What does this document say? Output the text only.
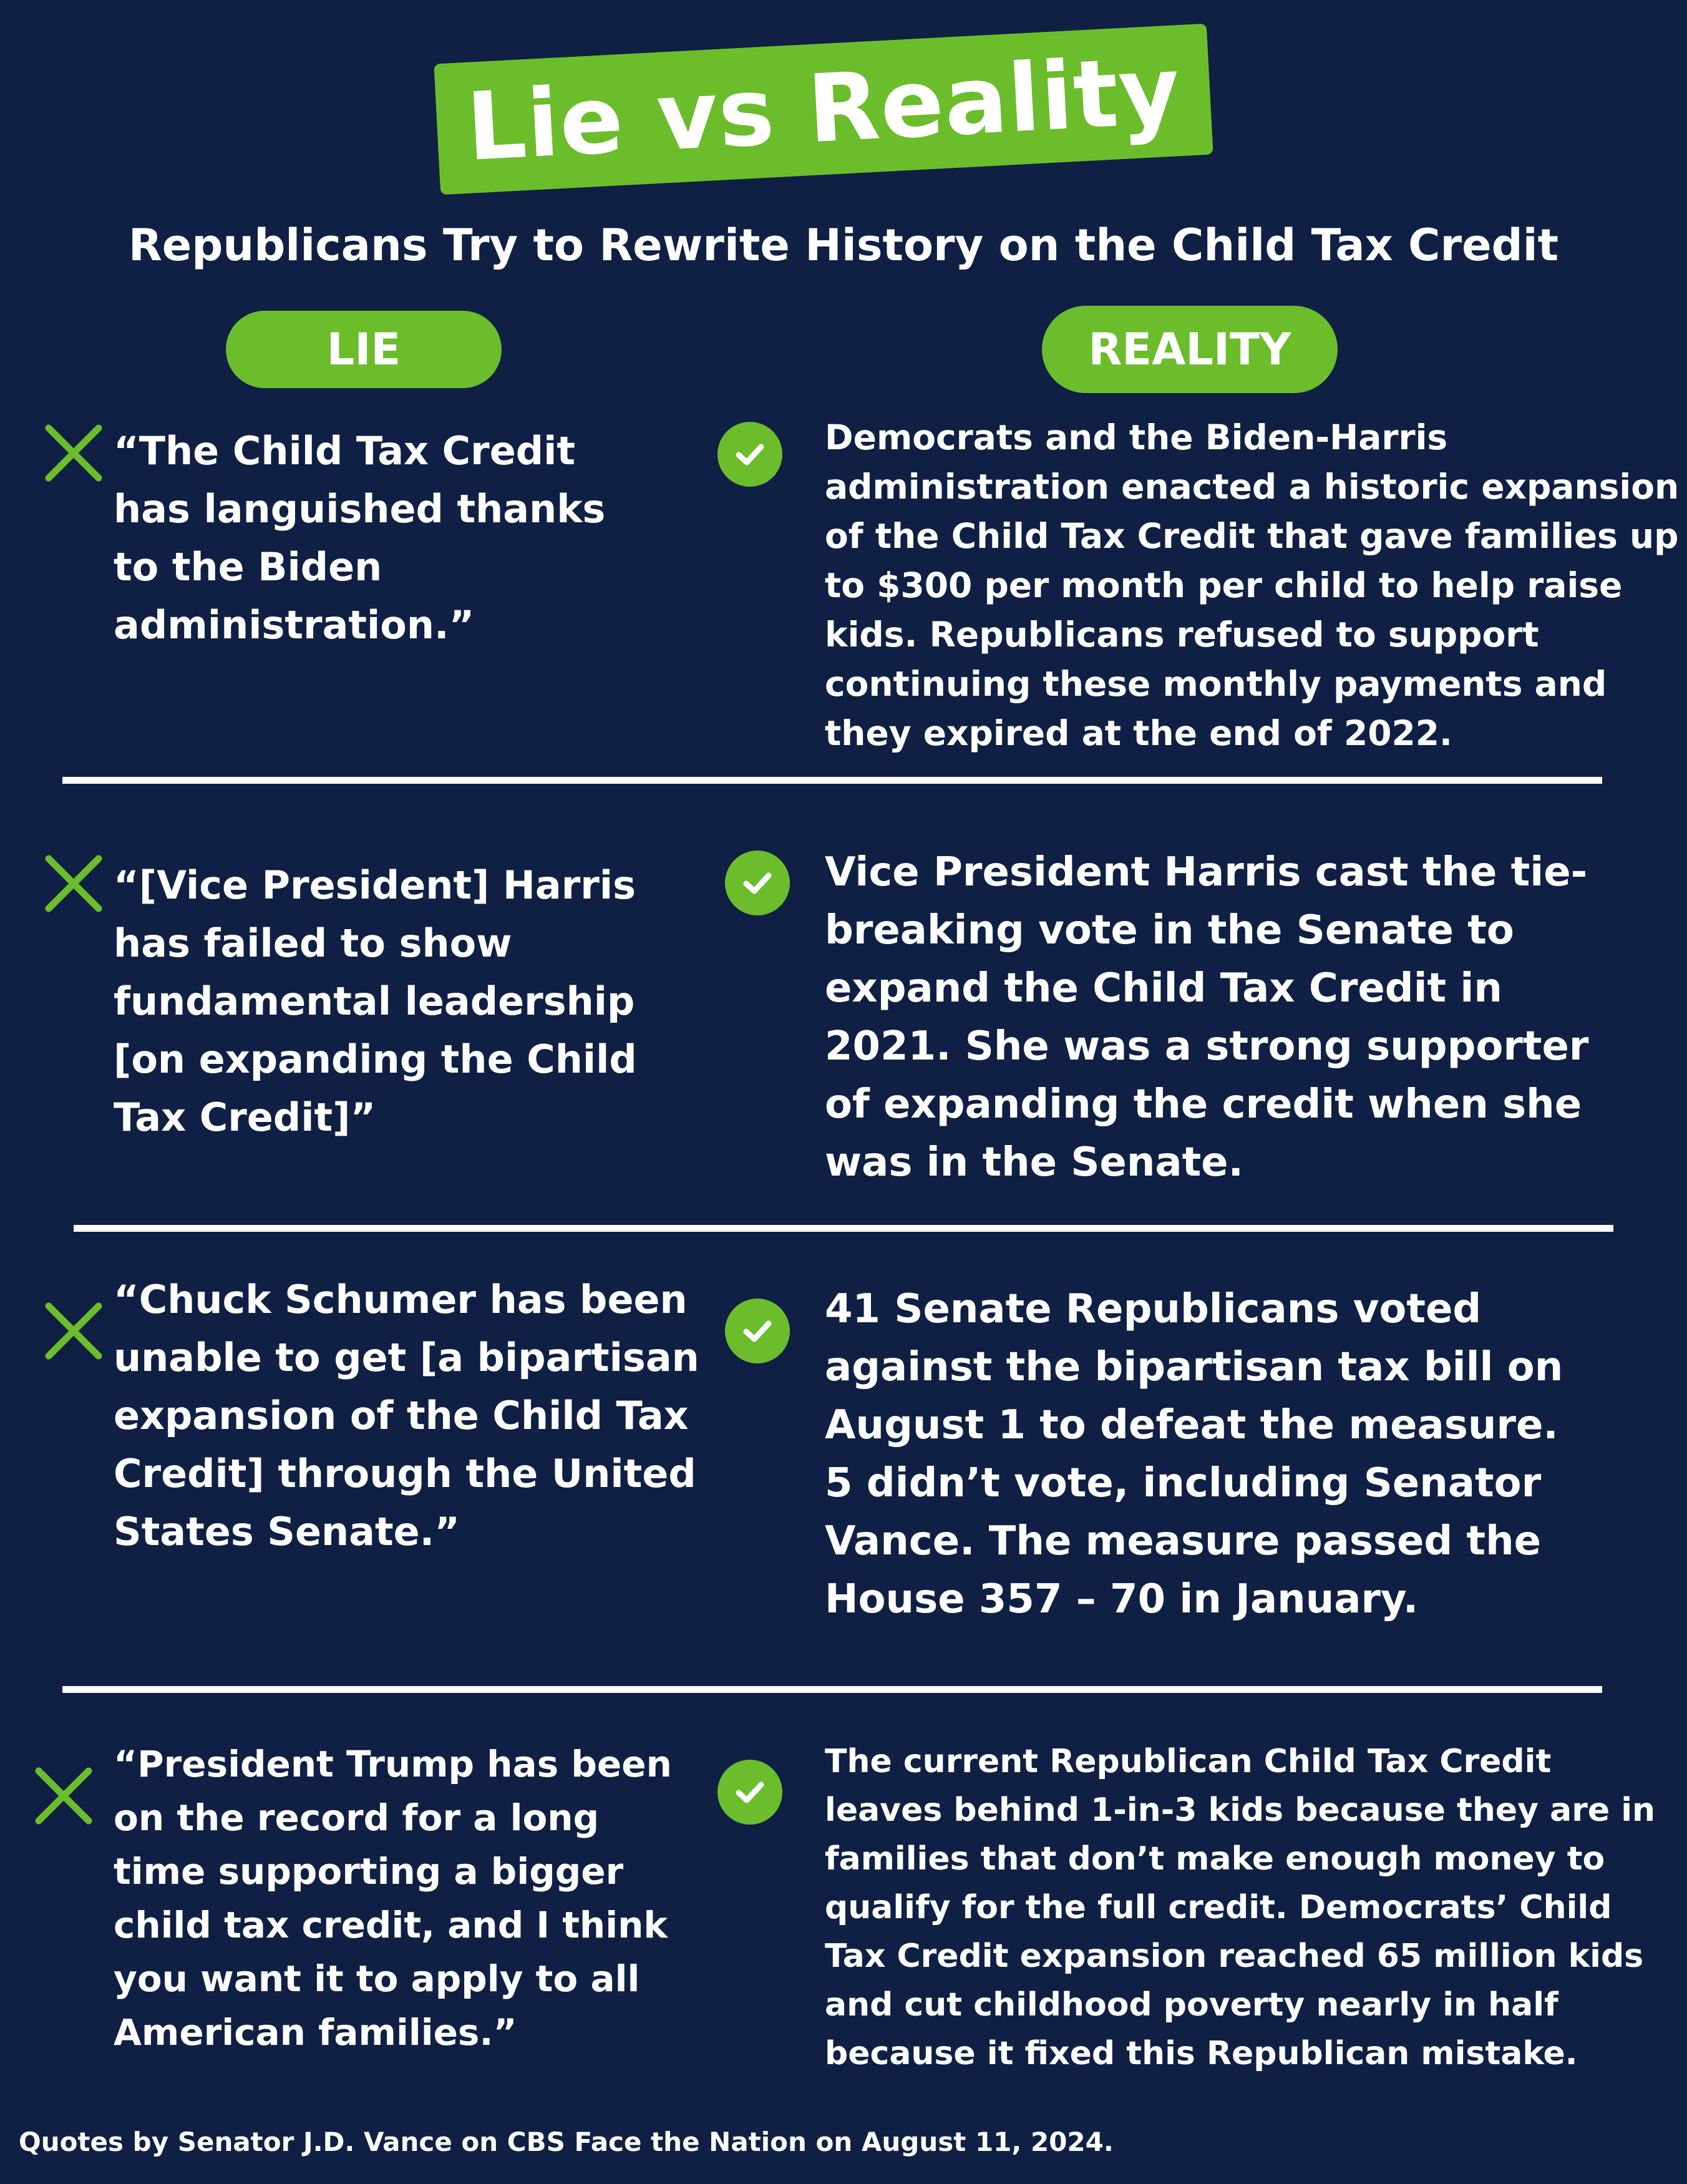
Lie vs Reality
Republicans Try to Rewrite History on the Child Tax Credit
LIE	REALITY

“The Child Tax Credit has languished thanks to the Biden administration.”

Democrats and the Biden-Harris administration enacted a historic expansion of the Child Tax Credit that gave families up to $300 per month per child to help raise kids. Republicans refused to support continuing these monthly payments and they expired at the end of 2022.

“[Vice President] Harris has failed to show fundamental leadership [on expanding the Child Tax Credit]”

Vice President Harris cast the tie-breaking vote in the Senate to expand the Child Tax Credit in 2021. She was a strong supporter of expanding the credit when she was in the Senate.

“Chuck Schumer has been unable to get [a bipartisan expansion of the Child Tax Credit] through the United States Senate.”

41 Senate Republicans voted against the bipartisan tax bill on August 1 to defeat the measure. 5 didn’t vote, including Senator Vance. The measure passed the House 357 – 70 in January.

“President Trump has been on the record for a long time supporting a bigger child tax credit, and I think you want it to apply to all American families.”

The current Republican Child Tax Credit leaves behind 1-in-3 kids because they are in families that don’t make enough money to qualify for the full credit. Democrats’ Child Tax Credit expansion reached 65 million kids and cut childhood poverty nearly in half because it fixed this Republican mistake.

Quotes by Senator J.D. Vance on CBS Face the Nation on August 11, 2024.
